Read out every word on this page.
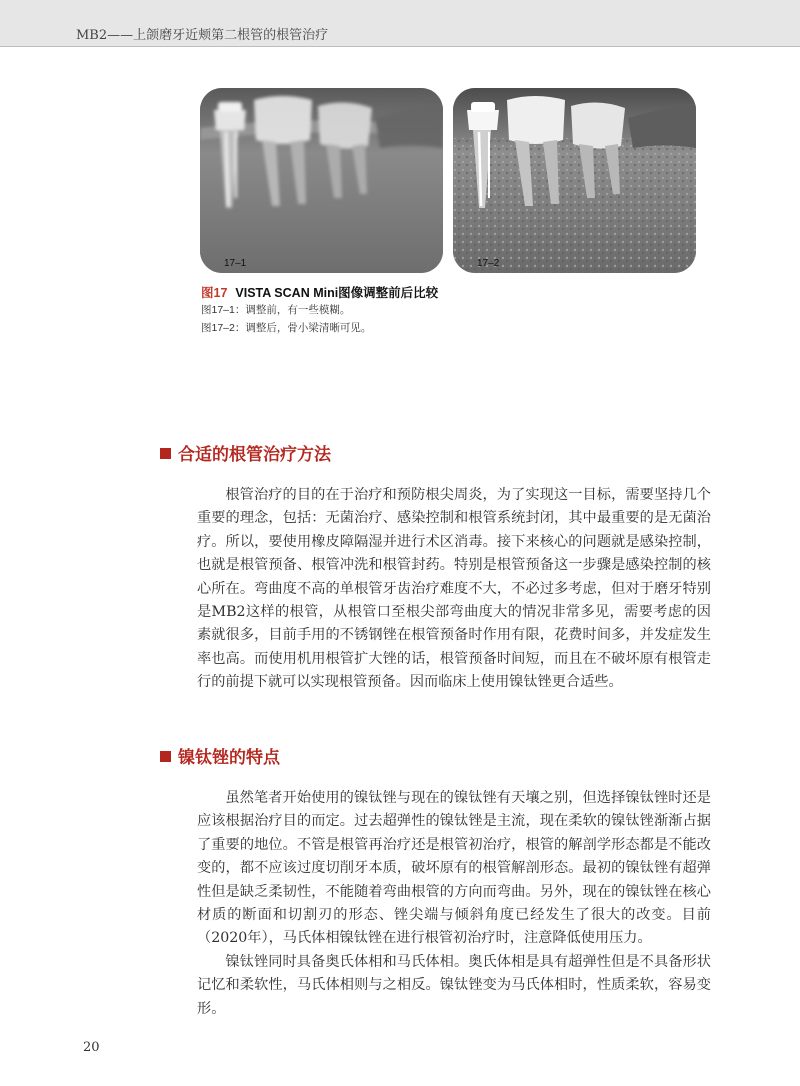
MB2——上颌磨牙近颊第二根管的根管治疗
17–1	17–2
图17 VISTA SCAN Mini图像调整前后比较
图17–1：调整前，有一些模糊。
图17–2：调整后，骨小梁清晰可见。
合适的根管治疗方法

根管治疗的目的在于治疗和预防根尖周炎，为了实现这一目标，需要坚持几个重要的理念，包括：无菌治疗、感染控制和根管系统封闭，其中最重要的是无菌治疗。所以，要使用橡皮障隔湿并进行术区消毒。接下来核心的问题就是感染控制，也就是根管预备、根管冲洗和根管封药。特别是根管预备这一步骤是感染控制的核心所在。弯曲度不高的单根管牙齿治疗难度不大，不必过多考虑，但对于磨牙特别是MB2这样的根管，从根管口至根尖部弯曲度大的情况非常多见，需要考虑的因素就很多，目前手用的不锈钢锉在根管预备时作用有限，花费时间多，并发症发生率也高。而使用机用根管扩大锉的话，根管预备时间短，而且在不破坏原有根管走行的前提下就可以实现根管预备。因而临床上使用镍钛锉更合适些。

镍钛锉的特点

虽然笔者开始使用的镍钛锉与现在的镍钛锉有天壤之别，但选择镍钛锉时还是应该根据治疗目的而定。过去超弹性的镍钛锉是主流，现在柔软的镍钛锉渐渐占据了重要的地位。不管是根管再治疗还是根管初治疗，根管的解剖学形态都是不能改变的，都不应该过度切削牙本质，破坏原有的根管解剖形态。最初的镍钛锉有超弹性但是缺乏柔韧性，不能随着弯曲根管的方向而弯曲。另外，现在的镍钛锉在核心材质的断面和切割刃的形态、锉尖端与倾斜角度已经发生了很大的改变。目前（2020年），马氏体相镍钛锉在进行根管初治疗时，注意降低使用压力。

镍钛锉同时具备奥氏体相和马氏体相。奥氏体相是具有超弹性但是不具备形状记忆和柔软性，马氏体相则与之相反。镍钛锉变为马氏体相时，性质柔软，容易变形。

20
